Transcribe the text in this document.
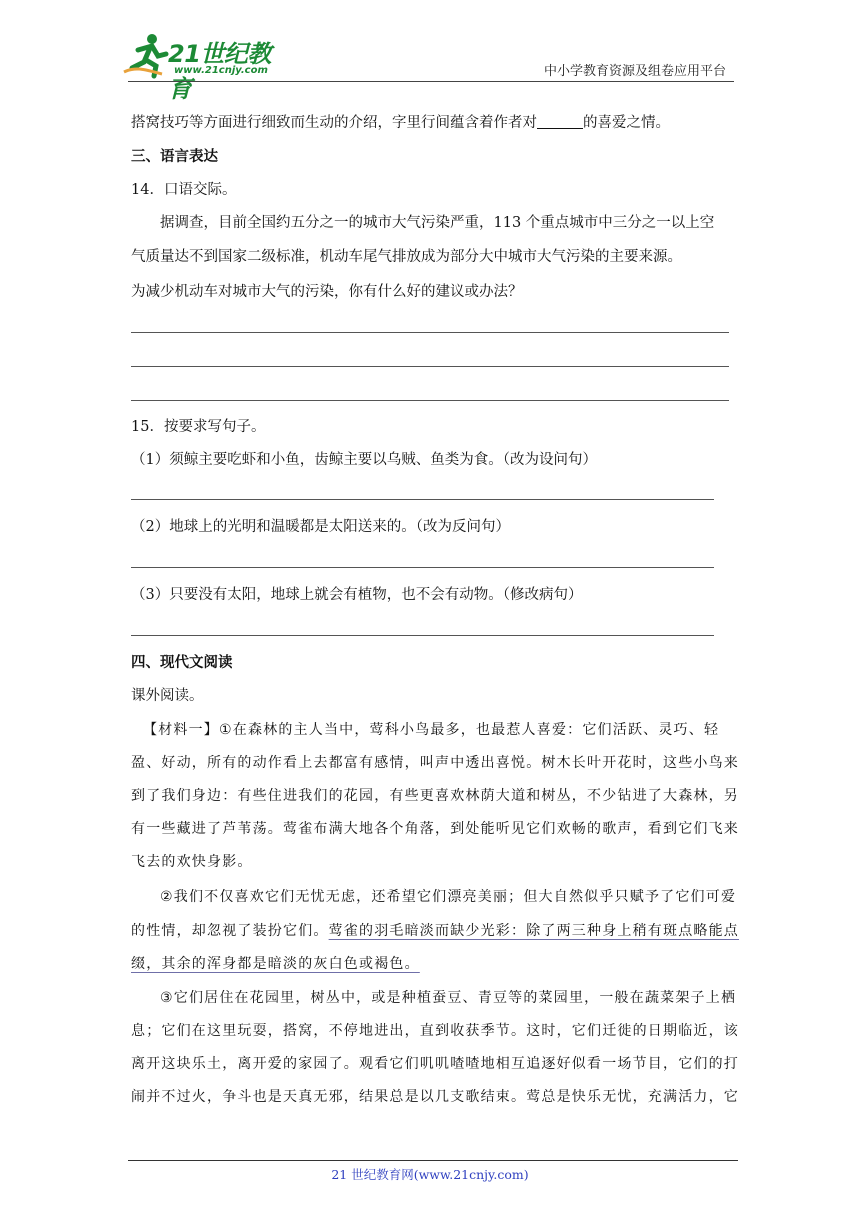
21世纪教育
www.21cnjy.com	中小学教育资源及组卷应用平台
搭窝技巧等方面进行细致而生动的介绍，字里行间蕴含着作者对	的喜爱之情。
三、语言表达
14．口语交际。
据调查，目前全国约五分之一的城市大气污染严重，113 个重点城市中三分之一以上空
气质量达不到国家二级标准，机动车尾气排放成为部分大中城市大气污染的主要来源。
为减少机动车对城市大气的污染，你有什么好的建议或办法？
15．按要求写句子。
（1）须鲸主要吃虾和小鱼，齿鲸主要以乌贼、鱼类为食。（改为设问句）
（2）地球上的光明和温暖都是太阳送来的。（改为反问句）
（3）只要没有太阳，地球上就会有植物，也不会有动物。（修改病句）
四、现代文阅读
课外阅读。
【材料一】①在森林的主人当中，莺科小鸟最多，也最惹人喜爱：它们活跃、灵巧、轻
盈、好动，所有的动作看上去都富有感情，叫声中透出喜悦。树木长叶开花时，这些小鸟来
到了我们身边：有些住进我们的花园，有些更喜欢林荫大道和树丛，不少钻进了大森林，另
有一些藏进了芦苇荡。莺雀布满大地各个角落，到处能听见它们欢畅的歌声，看到它们飞来
飞去的欢快身影。
②我们不仅喜欢它们无忧无虑，还希望它们漂亮美丽；但大自然似乎只赋予了它们可爱
的性情，却忽视了装扮它们。莺雀的羽毛暗淡而缺少光彩：除了两三种身上稍有斑点略能点
缀，其余的浑身都是暗淡的灰白色或褐色。
③它们居住在花园里，树丛中，或是种植蚕豆、青豆等的菜园里，一般在蔬菜架子上栖
息；它们在这里玩耍，搭窝，不停地进出，直到收获季节。这时，它们迁徙的日期临近，该
离开这块乐土，离开爱的家园了。观看它们叽叽喳喳地相互追逐好似看一场节目，它们的打
闹并不过火，争斗也是天真无邪，结果总是以几支歌结束。莺总是快乐无忧，充满活力，它
21 世纪教育网(www.21cnjy.com)
